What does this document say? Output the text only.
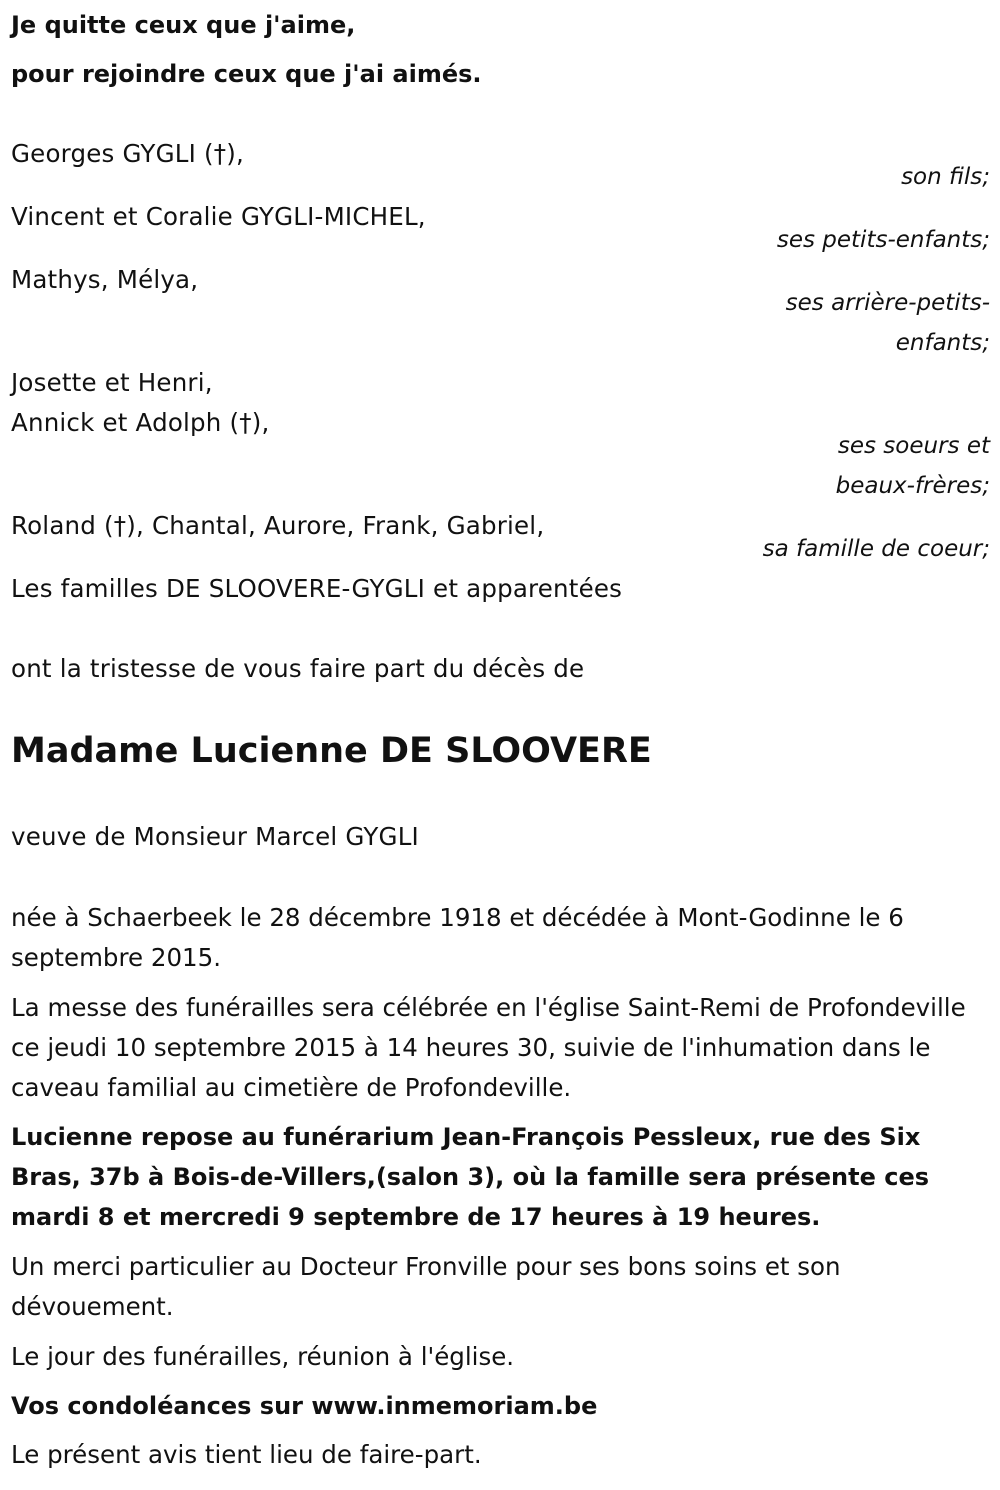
Je quitte ceux que j'aime,
pour rejoindre ceux que j'ai aimés.
Georges GYGLI (†),
son fils;
Vincent et Coralie GYGLI-MICHEL,
ses petits-enfants;
Mathys, Mélya,
ses arrière-petits-
enfants;
Josette et Henri,
Annick et Adolph (†),
ses soeurs et
beaux-frères;
Roland (†), Chantal, Aurore, Frank, Gabriel,
sa famille de coeur;
Les familles DE SLOOVERE-GYGLI et apparentées
ont la tristesse de vous faire part du décès de
Madame Lucienne DE SLOOVERE
veuve de Monsieur Marcel GYGLI
née à Schaerbeek le 28 décembre 1918 et décédée à Mont-Godinne le 6 septembre 2015.
La messe des funérailles sera célébrée en l'église Saint-Remi de Profondeville ce jeudi 10 septembre 2015 à 14 heures 30, suivie de l'inhumation dans le caveau familial au cimetière de Profondeville.
Lucienne repose au funérarium Jean-François Pessleux, rue des Six Bras, 37b à Bois-de-Villers,(salon 3), où la famille sera présente ces mardi 8 et mercredi 9 septembre de 17 heures à 19 heures.
Un merci particulier au Docteur Fronville pour ses bons soins et son dévouement.
Le jour des funérailles, réunion à l'église.
Vos condoléances sur www.inmemoriam.be
Le présent avis tient lieu de faire-part.
